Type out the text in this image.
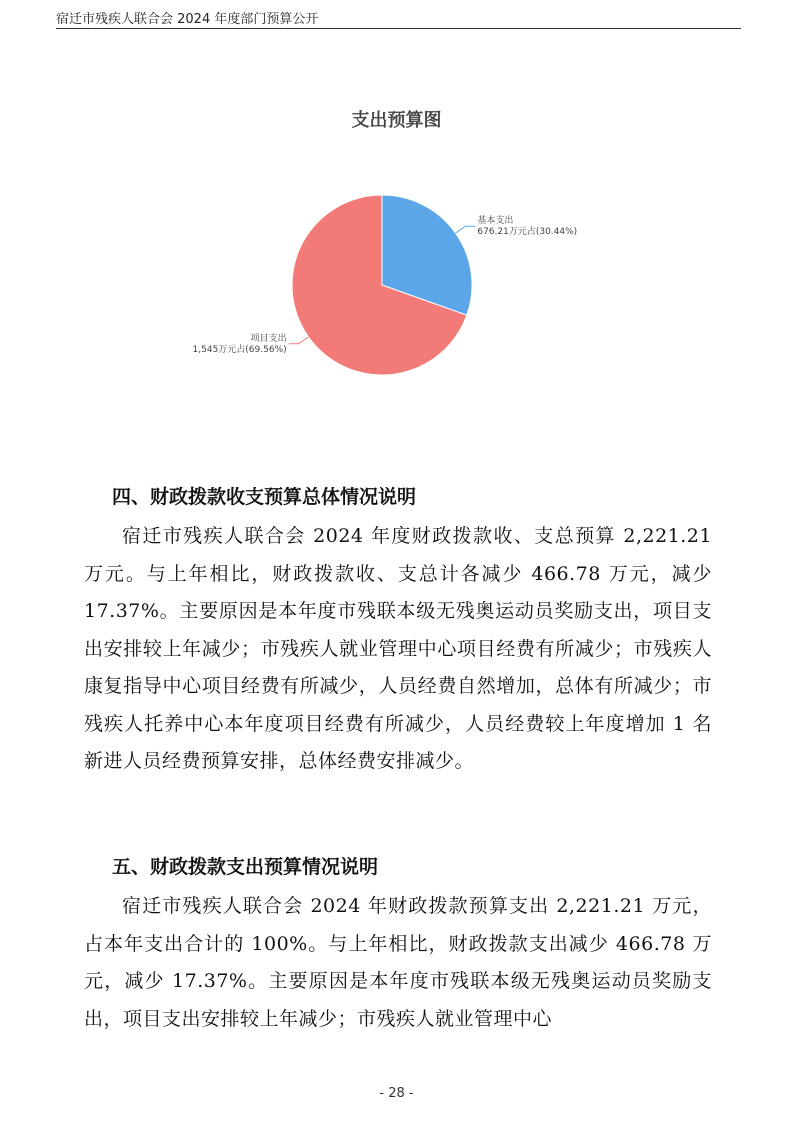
宿迁市残疾人联合会 2024 年度部门预算公开
支出预算图
基本支出
676.21万元占(30.44%)
项目支出
1,545万元占(69.56%)
四、财政拨款收支预算总体情况说明
宿迁市残疾人联合会 2024 年度财政拨款收、支总预算 2,221.21 万元。与上年相比，财政拨款收、支总计各减少 466.78 万元，减少 17.37%。主要原因是本年度市残联本级无残奥运动员奖励支出，项目支出安排较上年减少；市残疾人就业管理中心项目经费有所减少；市残疾人康复指导中心项目经费有所减少，人员经费自然增加，总体有所减少；市残疾人托养中心本年度项目经费有所减少，人员经费较上年度增加 1 名新进人员经费预算安排，总体经费安排减少。
五、财政拨款支出预算情况说明
宿迁市残疾人联合会 2024 年财政拨款预算支出 2,221.21 万元，占本年支出合计的 100%。与上年相比，财政拨款支出减少 466.78 万元，减少 17.37%。主要原因是本年度市残联本级无残奥运动员奖励支出，项目支出安排较上年减少；市残疾人就业管理中心
- 28 -
